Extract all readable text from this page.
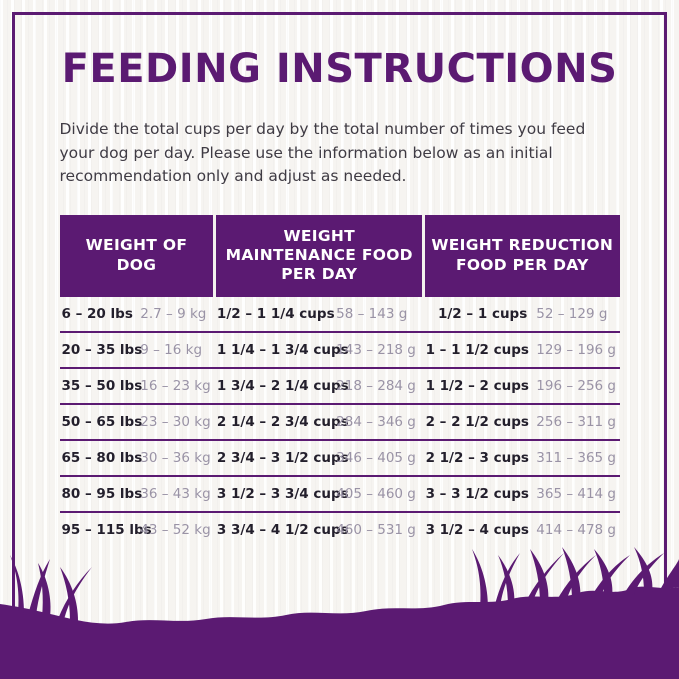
FEEDING INSTRUCTIONS

Divide the total cups per day by the total number of times you feed your dog per day. Please use the information below as an initial recommendation only and adjust as needed.

WEIGHT OF DOG		WEIGHT MAINTENANCE FOOD PER DAY		WEIGHT REDUCTION FOOD PER DAY	
6 – 20 lbs	2.7 – 9 kg	1/2 – 1 1/4 cups	58 – 143 g	1/2 – 1 cups	52 – 129 g
20 – 35 lbs	9 – 16 kg	1 1/4 – 1 3/4 cups	143 – 218 g	1 – 1 1/2 cups	129 – 196 g
35 – 50 lbs	16 – 23 kg	1 3/4 – 2 1/4 cups	218 – 284 g	1 1/2 – 2 cups	196 – 256 g
50 – 65 lbs	23 – 30 kg	2 1/4 – 2 3/4 cups	284 – 346 g	2 – 2 1/2 cups	256 – 311 g
65 – 80 lbs	30 – 36 kg	2 3/4 – 3 1/2 cups	346 – 405 g	2 1/2 – 3 cups	311 – 365 g
80 – 95 lbs	36 – 43 kg	3 1/2 – 3 3/4 cups	405 – 460 g	3 – 3 1/2 cups	365 – 414 g
95 – 115 lbs	43 – 52 kg	3 3/4 – 4 1/2 cups	460 – 531 g	3 1/2 – 4 cups	414 – 478 g
